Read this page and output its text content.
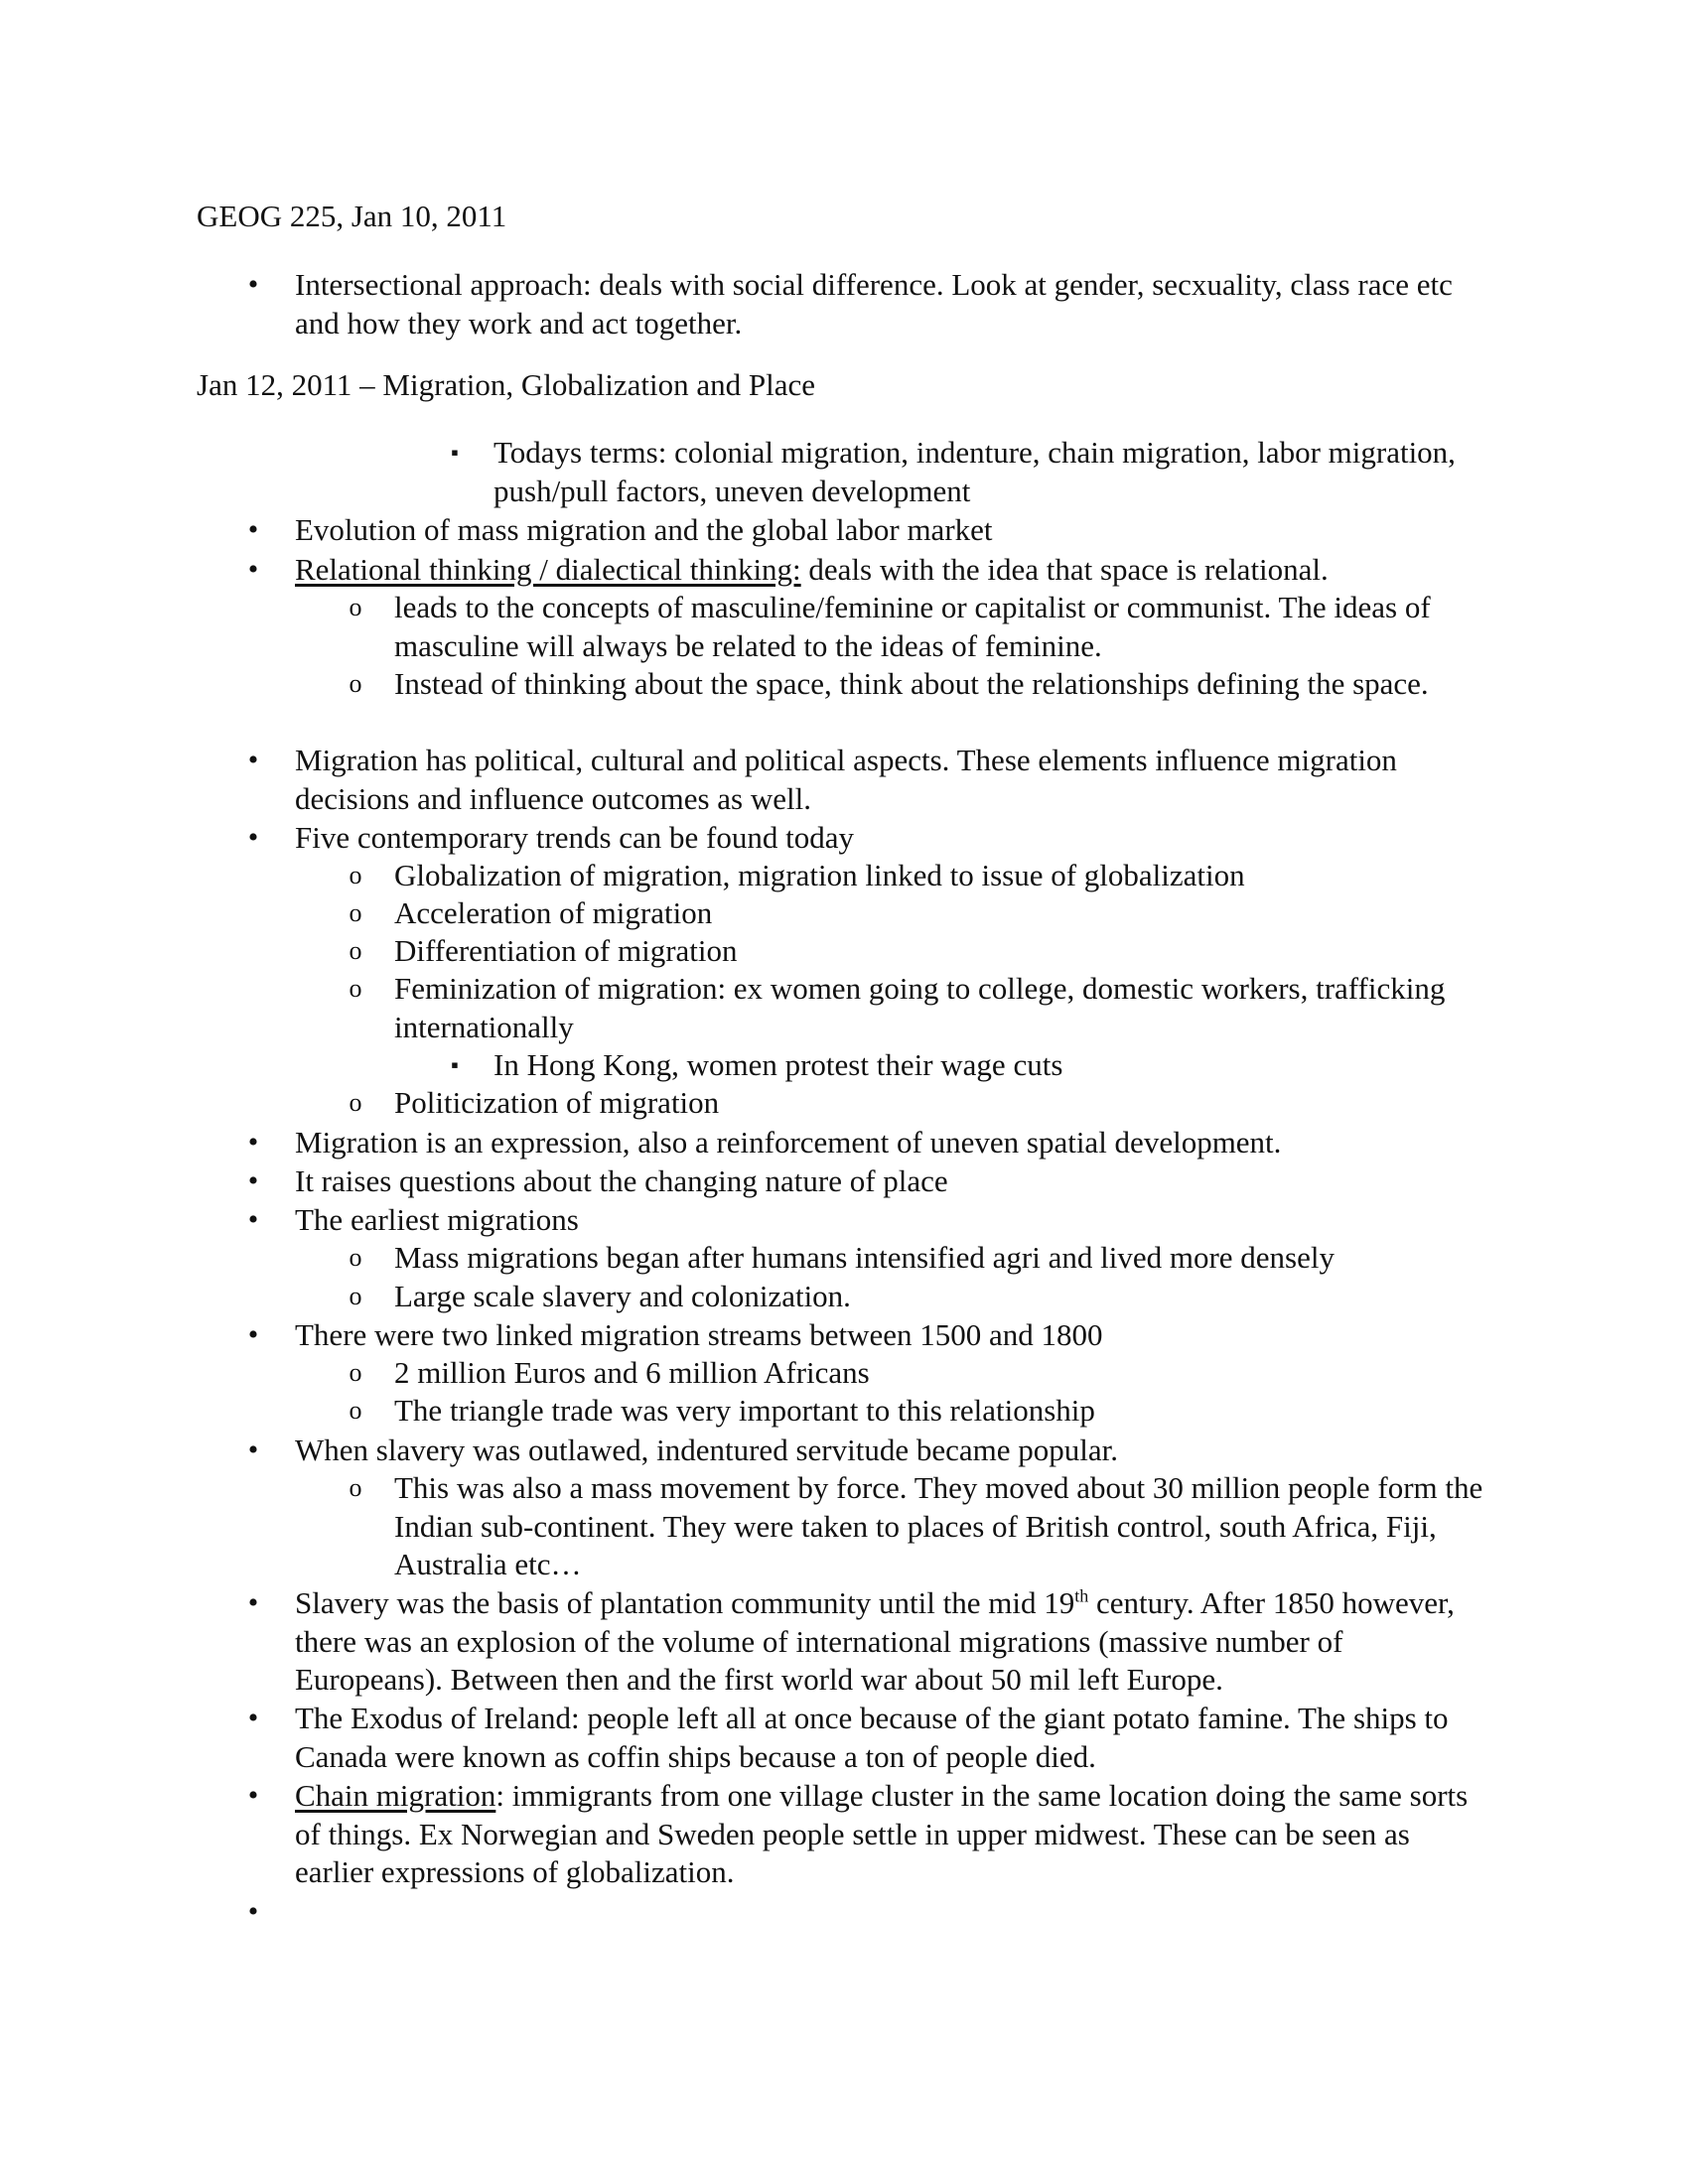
GEOG 225, Jan 10, 2011
Jan 12, 2011 – Migration, Globalization and Place
•	Intersectional approach: deals with social difference. Look at gender, secxuality, class race etc and how they work and act together.
▪	Todays terms: colonial migration, indenture, chain migration, labor migration, push/pull factors, uneven development
•	Evolution of mass migration and the global labor market
•	Relational thinking / dialectical thinking: deals with the idea that space is relational.
o leads to the concepts of masculine/feminine or capitalist or communist. The ideas of masculine will always be related to the ideas of feminine.
o Instead of thinking about the space, think about the relationships defining the space.
•	Migration has political, cultural and political aspects. These elements influence migration decisions and influence outcomes as well.
•	Five contemporary trends can be found today
o Globalization of migration, migration linked to issue of globalization
o Acceleration of migration
o Differentiation of migration
o Feminization of migration: ex women going to college, domestic workers, trafficking internationally
▪	In Hong Kong, women protest their wage cuts
o Politicization of migration
•	Migration is an expression, also a reinforcement of uneven spatial development.
•	It raises questions about the changing nature of place
•	The earliest migrations
o Mass migrations began after humans intensified agri and lived more densely
o Large scale slavery and colonization.
•	There were two linked migration streams between 1500 and 1800
o 2 million Euros and 6 million Africans
o The triangle trade was very important to this relationship
•	When slavery was outlawed, indentured servitude became popular.
o This was also a mass movement by force. They moved about 30 million people form the Indian sub-continent. They were taken to places of British control, south Africa, Fiji, Australia etc…
•	Slavery was the basis of plantation community until the mid 19th century. After 1850 however, there was an explosion of the volume of international migrations (massive number of Europeans). Between then and the first world war about 50 mil left Europe.
•	The Exodus of Ireland: people left all at once because of the giant potato famine. The ships to Canada were known as coffin ships because a ton of people died.
•	Chain migration: immigrants from one village cluster in the same location doing the same sorts of things. Ex Norwegian and Sweden people settle in upper midwest. These can be seen as earlier expressions of globalization.
•
